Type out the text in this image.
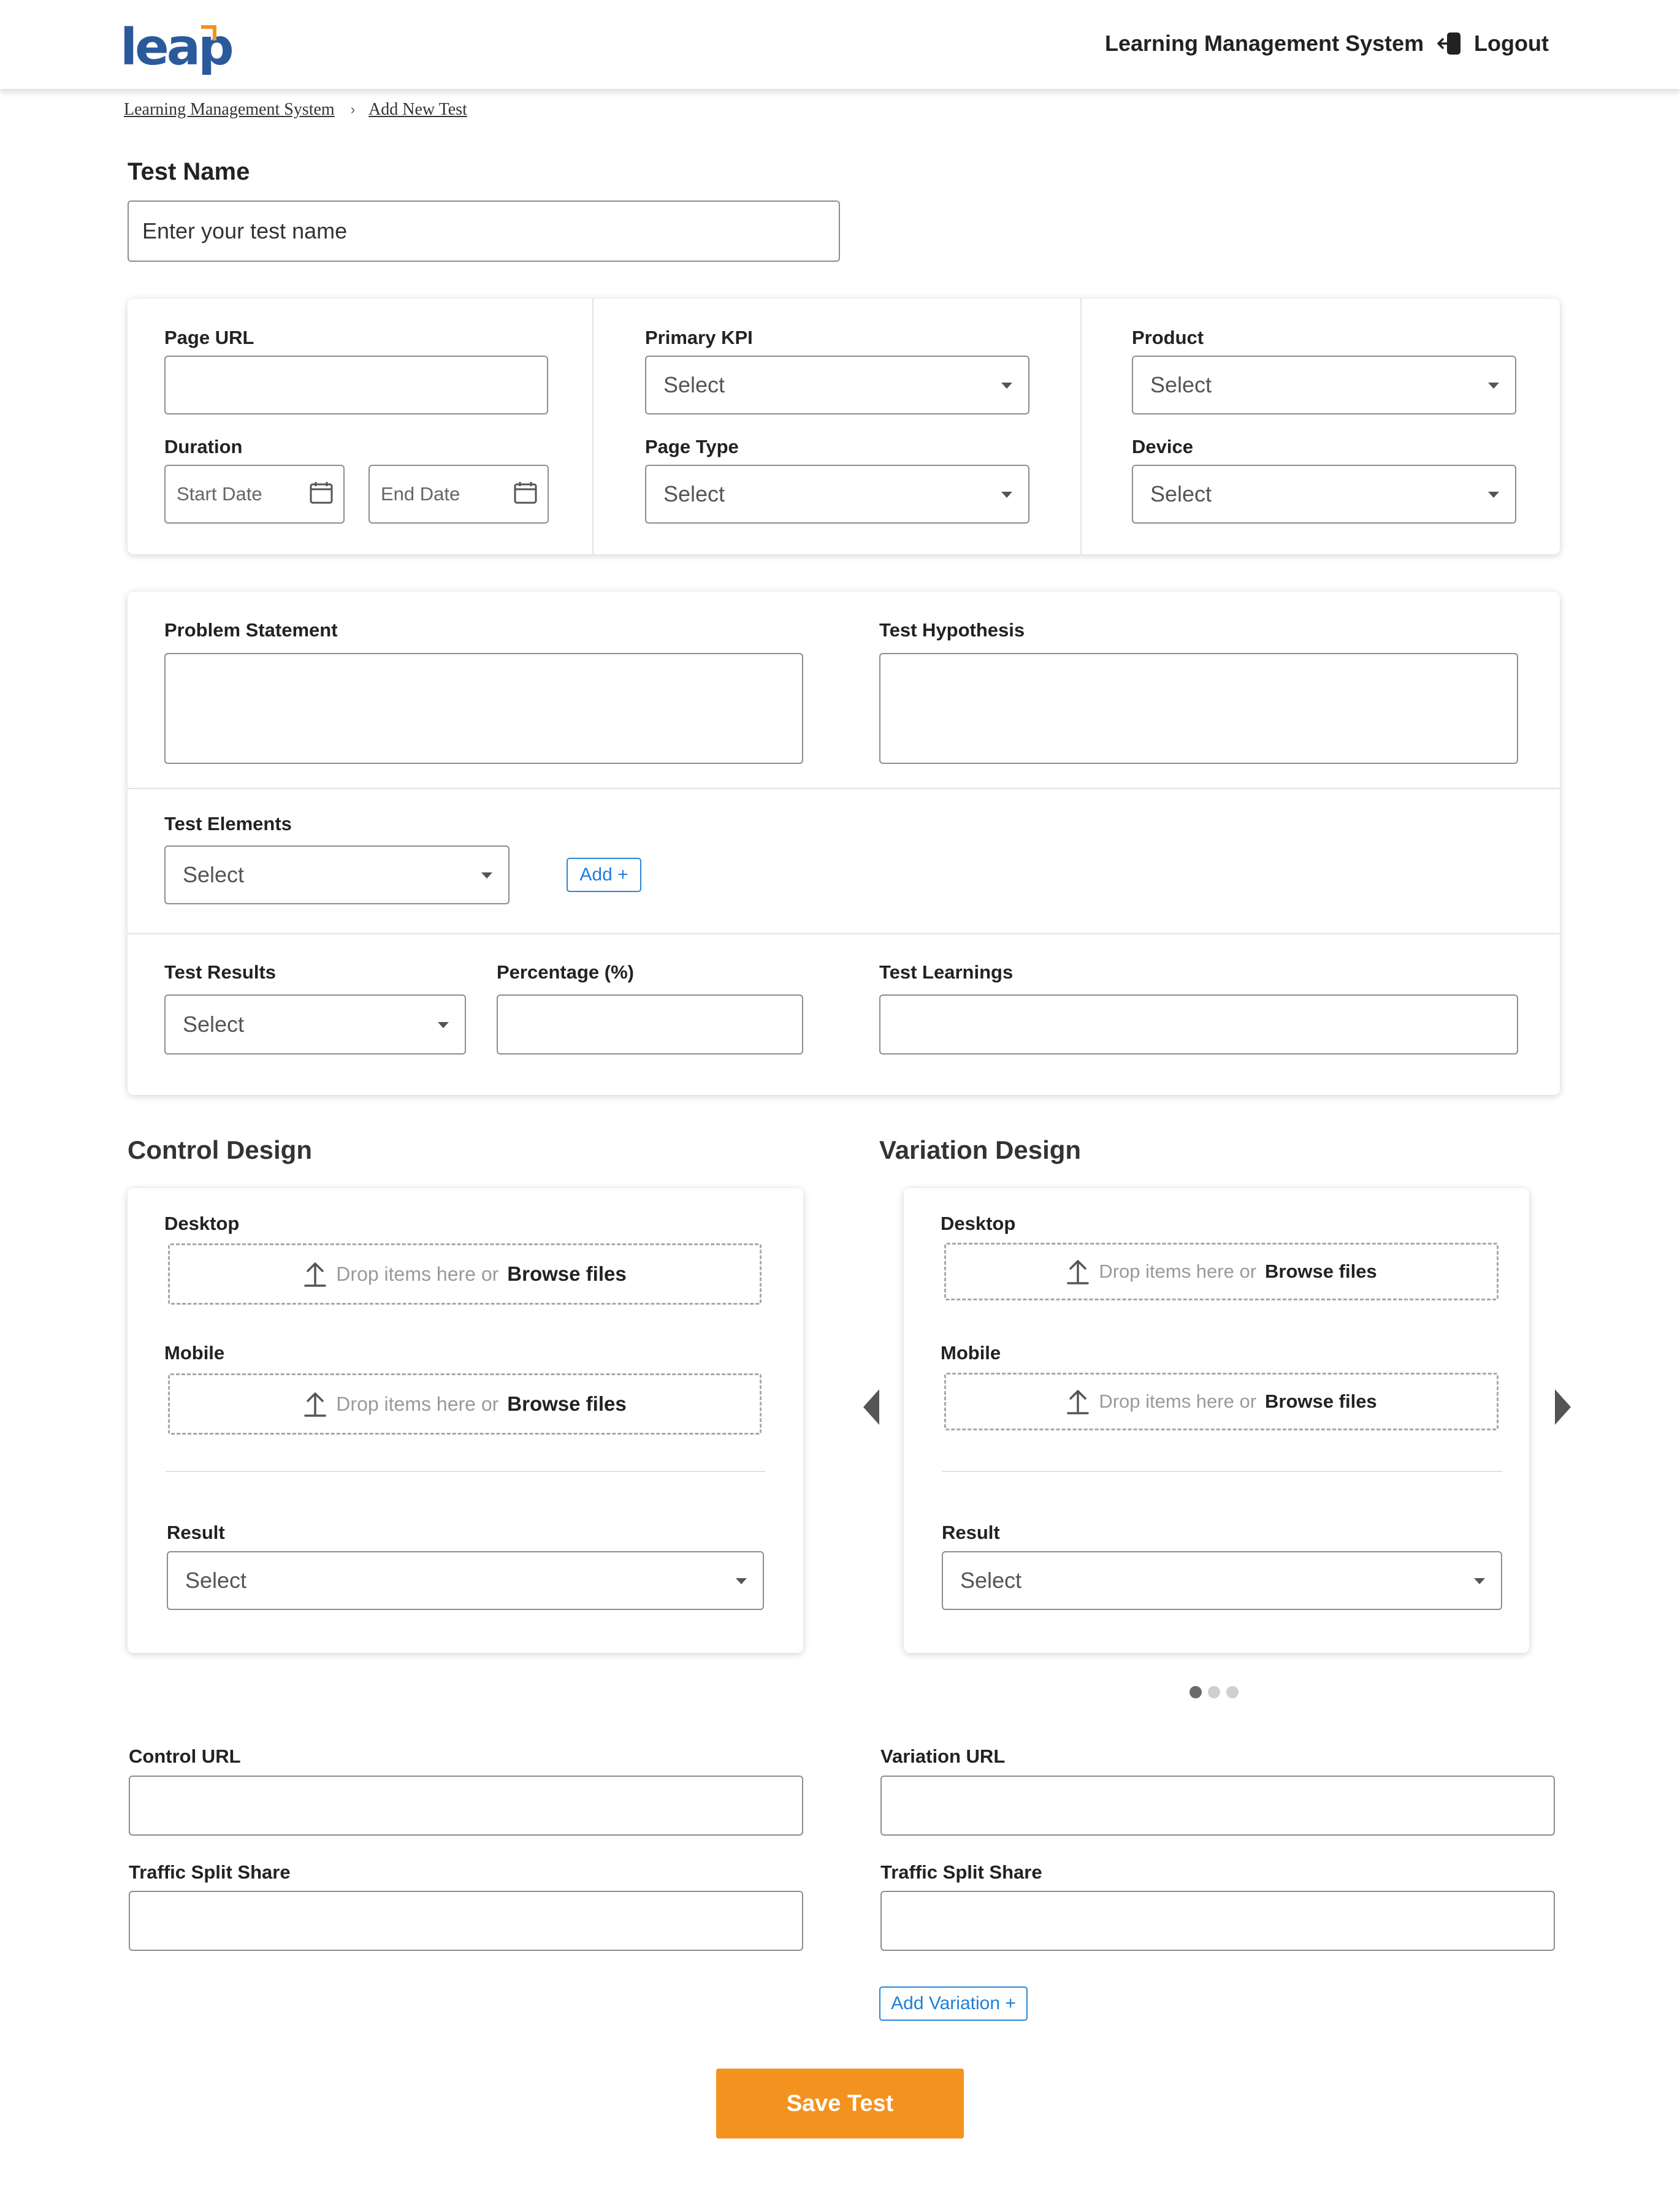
leap	Learning Management System Logout
Learning Management System › Add New Test
Test Name
Enter your test name
Page URL
Duration
Start Date	End Date
Primary KPI
Select
Page Type
Select
Product
Select
Device
Select
Problem Statement	Test Hypothesis
Test Elements
Select	Add +
Test Results
Select
Percentage (%)	Test Learnings
Control Design
Desktop
Drop items here or Browse files
Mobile
Drop items here or Browse files
Result
Select
Variation Design
Desktop
Drop items here or Browse files
Mobile
Drop items here or Browse files
Result
Select
Control URL
Traffic Split Share
Variation URL
Traffic Split Share
Add Variation +
Save Test
